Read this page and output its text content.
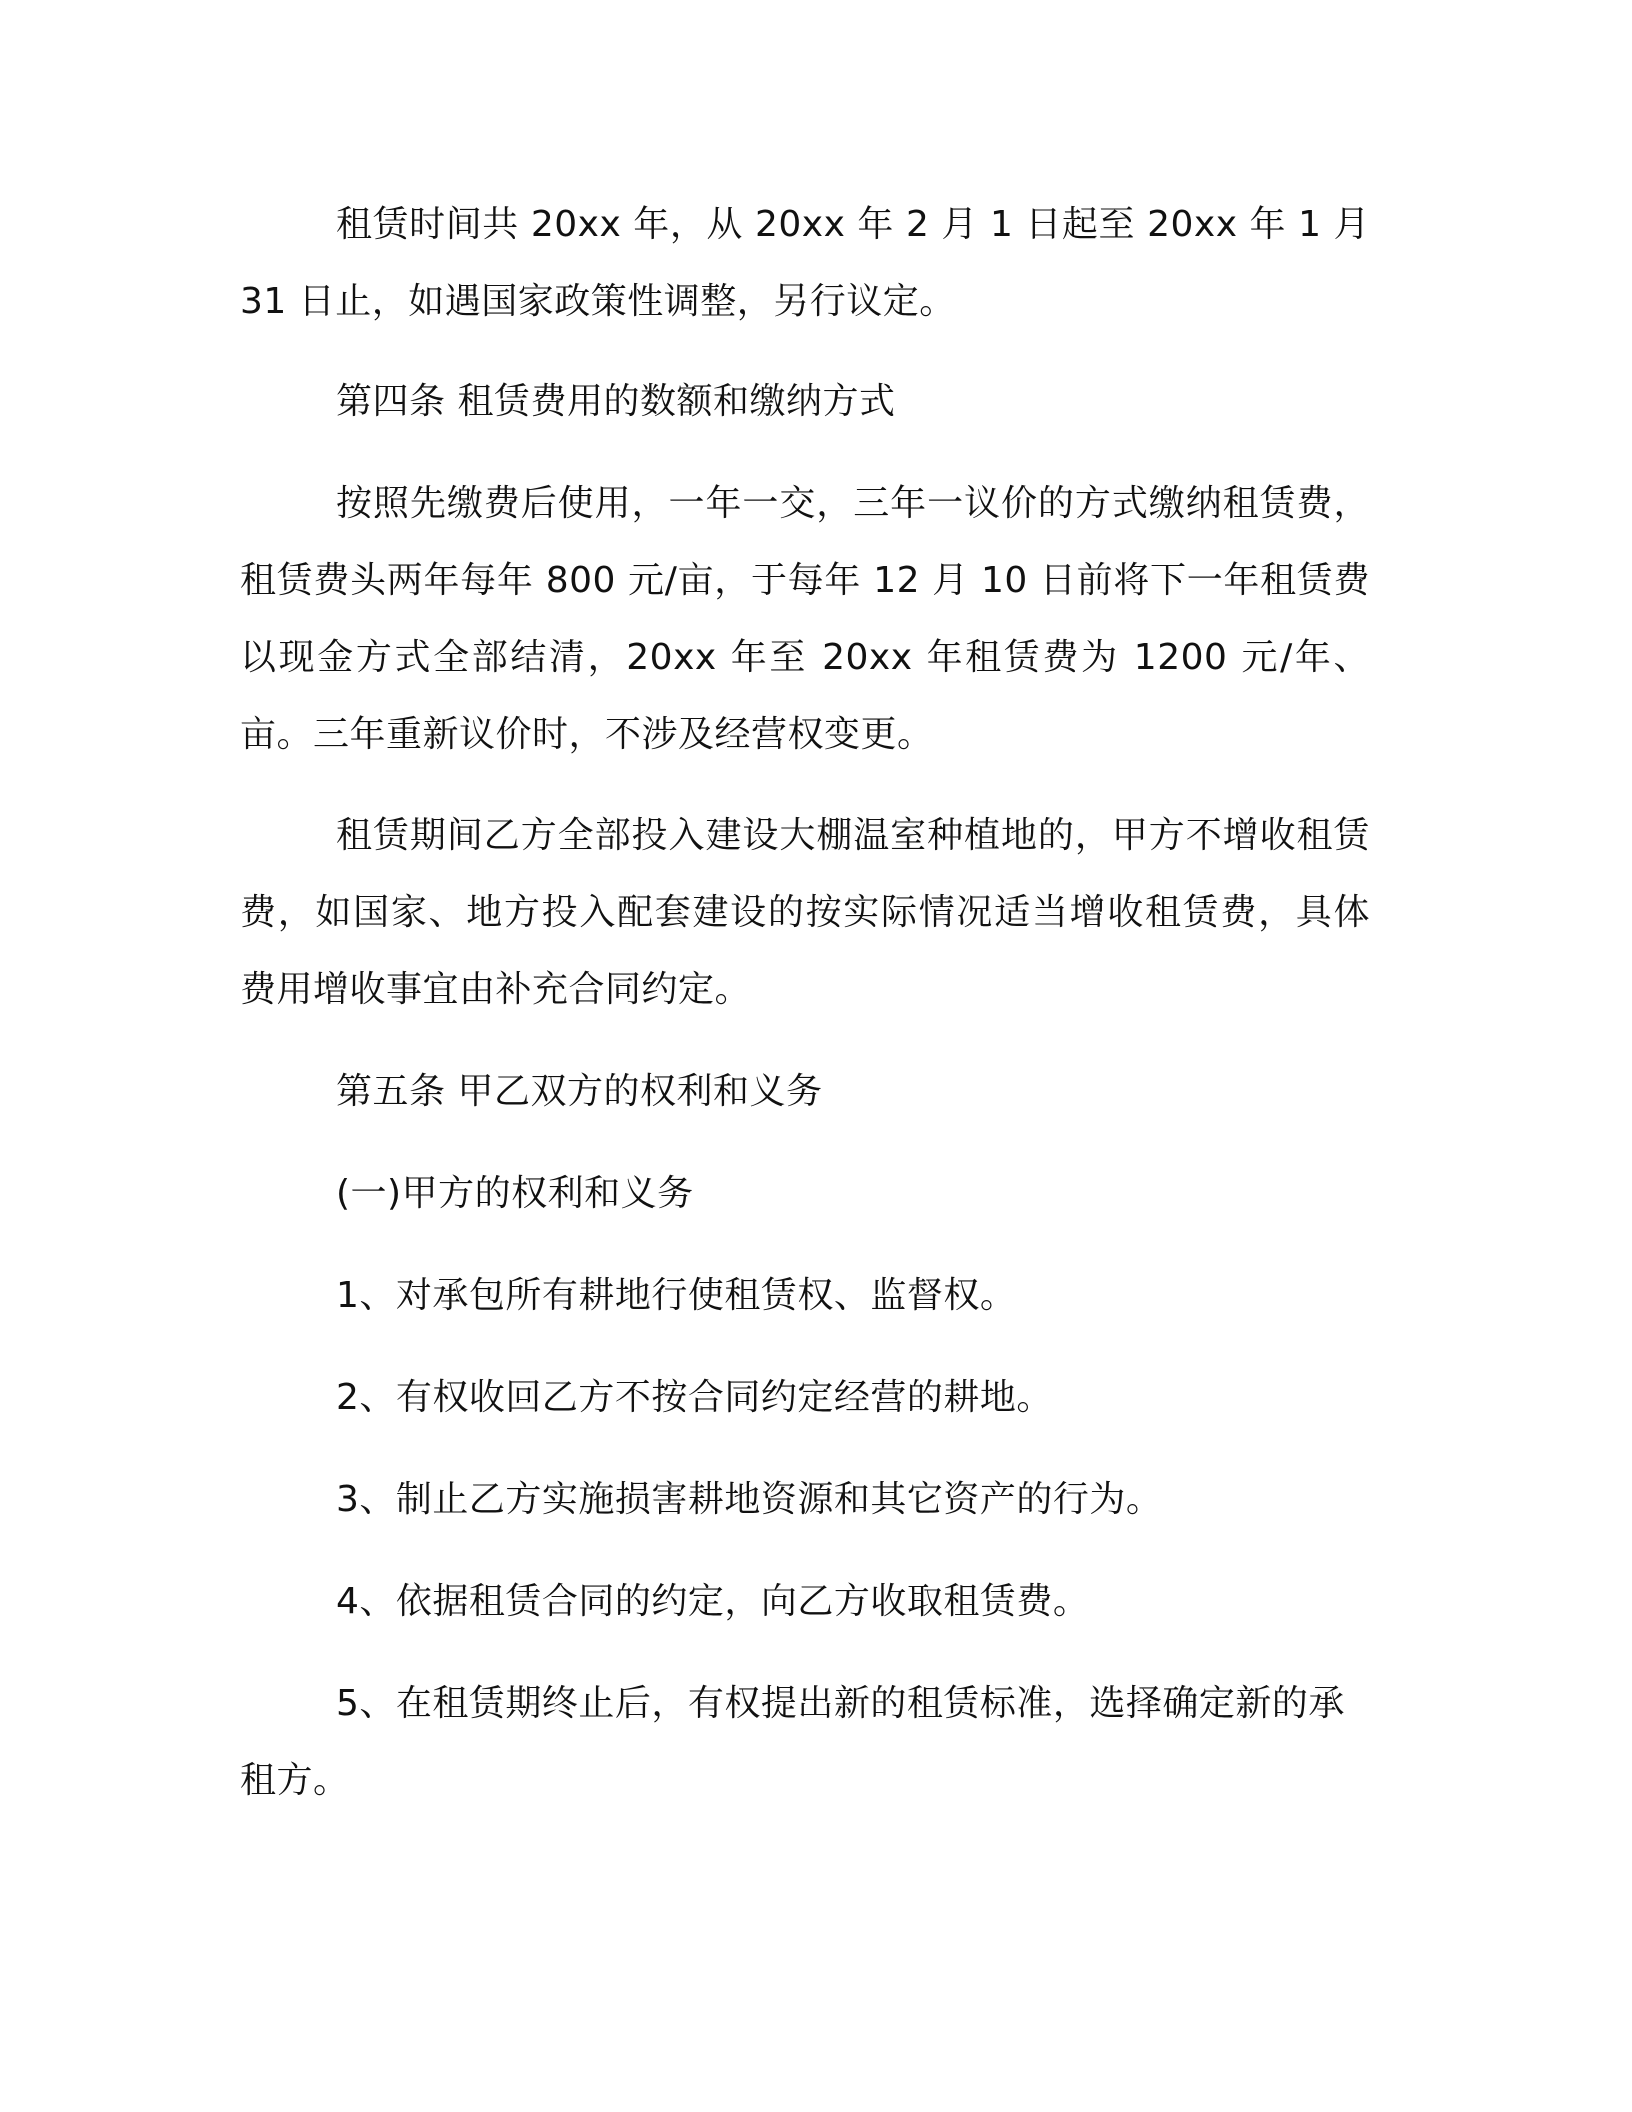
租赁时间共 20xx 年，从 20xx 年 2 月 1 日起至 20xx 年 1 月 31 日止，如遇国家政策性调整，另行议定。

第四条 租赁费用的数额和缴纳方式

按照先缴费后使用，一年一交，三年一议价的方式缴纳租赁费，租赁费头两年每年 800 元/亩，于每年 12 月 10 日前将下一年租赁费以现金方式全部结清，20xx 年至 20xx 年租赁费为 1200 元/年、亩。三年重新议价时，不涉及经营权变更。

租赁期间乙方全部投入建设大棚温室种植地的，甲方不增收租赁费，如国家、地方投入配套建设的按实际情况适当增收租赁费，具体费用增收事宜由补充合同约定。

第五条 甲乙双方的权利和义务

(一)甲方的权利和义务

1、对承包所有耕地行使租赁权、监督权。

2、有权收回乙方不按合同约定经营的耕地。

3、制止乙方实施损害耕地资源和其它资产的行为。

4、依据租赁合同的约定，向乙方收取租赁费。

5、在租赁期终止后，有权提出新的租赁标准，选择确定新的承租方。
